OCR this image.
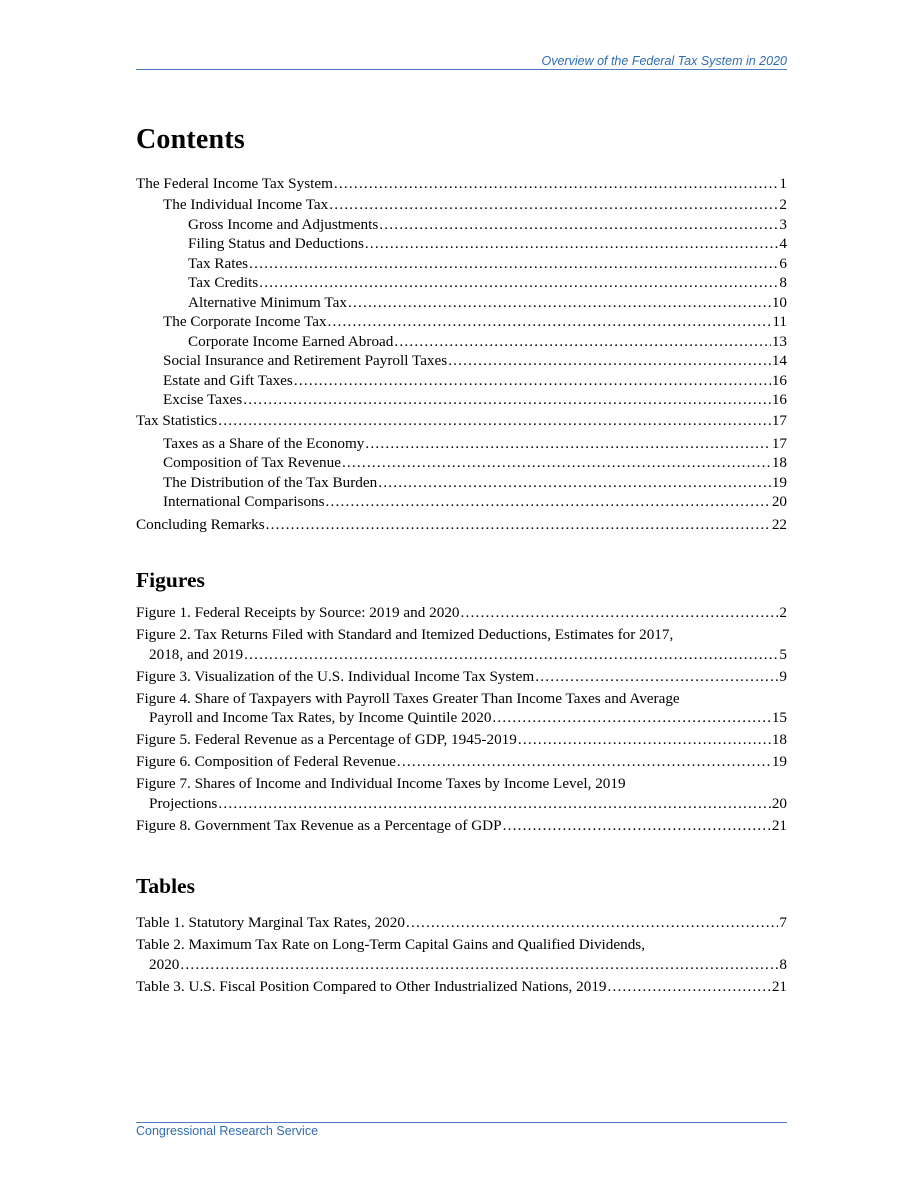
Overview of the Federal Tax System in 2020
Contents
The Federal Income Tax System .....	1
The Individual Income Tax .....	2
Gross Income and Adjustments .....	3
Filing Status and Deductions .....	4
Tax Rates .....	6
Tax Credits .....	8
Alternative Minimum Tax .....	10
The Corporate Income Tax .....	11
Corporate Income Earned Abroad .....	13
Social Insurance and Retirement Payroll Taxes .....	14
Estate and Gift Taxes .....	16
Excise Taxes .....	16
Tax Statistics .....	17
Taxes as a Share of the Economy .....	17
Composition of Tax Revenue .....	18
The Distribution of the Tax Burden .....	19
International Comparisons .....	20
Concluding Remarks .....	22
Figures
Figure 1. Federal Receipts by Source: 2019 and 2020 .....	2
Figure 2. Tax Returns Filed with Standard and Itemized Deductions, Estimates for 2017,
2018, and 2019 .....	5
Figure 3. Visualization of the U.S. Individual Income Tax System .....	9
Figure 4. Share of Taxpayers with Payroll Taxes Greater Than Income Taxes and Average
Payroll and Income Tax Rates, by Income Quintile 2020 .....	15
Figure 5. Federal Revenue as a Percentage of GDP, 1945-2019 .....	18
Figure 6. Composition of Federal Revenue .....	19
Figure 7. Shares of Income and Individual Income Taxes by Income Level, 2019
Projections .....	20
Figure 8. Government Tax Revenue as a Percentage of GDP .....	21
Tables
Table 1. Statutory Marginal Tax Rates, 2020 .....	7
Table 2. Maximum Tax Rate on Long-Term Capital Gains and Qualified Dividends,
2020 .....	8
Table 3. U.S. Fiscal Position Compared to Other Industrialized Nations, 2019 .....	21
Congressional Research Service
